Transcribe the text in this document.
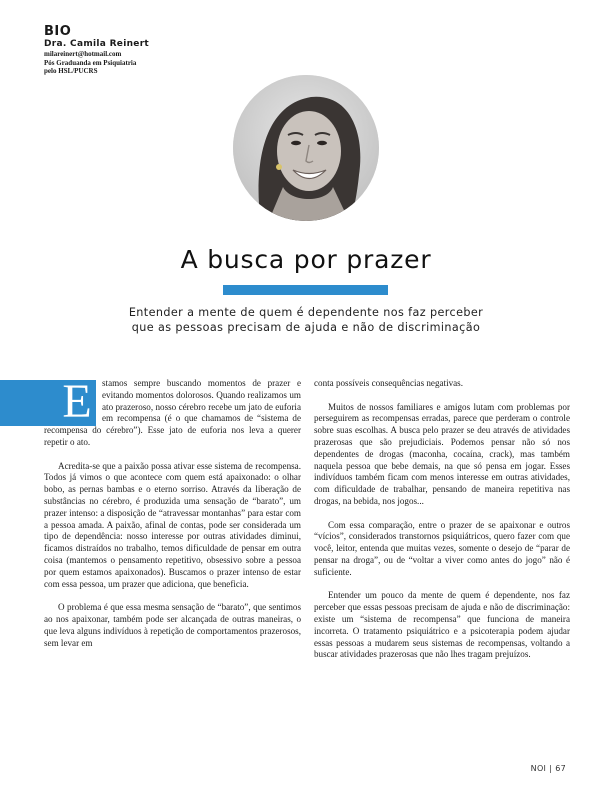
BIO
Dra. Camila Reinert
milareinert@hotmail.com
Pós Graduanda em Psiquiatria
pelo HSL/PUCRS
A busca por prazer
Entender a mente de quem é dependente nos faz perceber
que as pessoas precisam de ajuda e não de discriminação
E	stamos sempre buscando momentos de prazer e evitando momentos dolorosos. Quando realizamos um ato prazeroso, nosso cérebro recebe um jato de euforia em recompensa (é o que chamamos de “sistema de recompensa do cérebro”). Esse jato de euforia nos leva a querer repetir o ato.

Acredita-se que a paixão possa ativar esse sistema de recompensa. Todos já vimos o que acontece com quem está apaixonado: o olhar bobo, as pernas bambas e o eterno sorriso. Através da liberação de substâncias no cérebro, é produzida uma sensação de “barato”, um prazer intenso: a disposição de “atravessar montanhas” para estar com a pessoa amada. A paixão, afinal de contas, pode ser considerada um tipo de dependência: nosso interesse por outras atividades diminui, ficamos distraídos no trabalho, temos dificuldade de pensar em outra coisa (mantemos o pensamento repetitivo, obsessivo sobre a pessoa por quem estamos apaixonados). Buscamos o prazer intenso de estar com essa pessoa, um prazer que adiciona, que beneficia.

O problema é que essa mesma sensação de “barato”, que sentimos ao nos apaixonar, também pode ser alcançada de outras maneiras, o que leva alguns indivíduos à repetição de comportamentos prazerosos, sem levar em

conta possíveis consequências negativas.

Muitos de nossos familiares e amigos lutam com problemas por perseguirem as recompensas erradas, parece que perderam o controle sobre suas escolhas. A busca pelo prazer se deu através de atividades prazerosas que são prejudiciais. Podemos pensar não só nos dependentes de drogas (maconha, cocaína, crack), mas também naquela pessoa que bebe demais, na que só pensa em jogar. Esses indivíduos também ficam com menos interesse em outras atividades, com dificuldade de trabalhar, pensando de maneira repetitiva nas drogas, na bebida, nos jogos...

Com essa comparação, entre o prazer de se apaixonar e outros “vícios”, considerados transtornos psiquiátricos, quero fazer com que você, leitor, entenda que muitas vezes, somente o desejo de “parar de pensar na droga”, ou de “voltar a viver como antes do jogo” não é suficiente.

Entender um pouco da mente de quem é dependente, nos faz perceber que essas pessoas precisam de ajuda e não de discriminação: existe um “sistema de recompensa” que funciona de maneira incorreta. O tratamento psiquiátrico e a psicoterapia podem ajudar essas pessoas a mudarem seus sistemas de recompensas, voltando a buscar atividades prazerosas que não lhes tragam prejuízos.

NOI | 67
